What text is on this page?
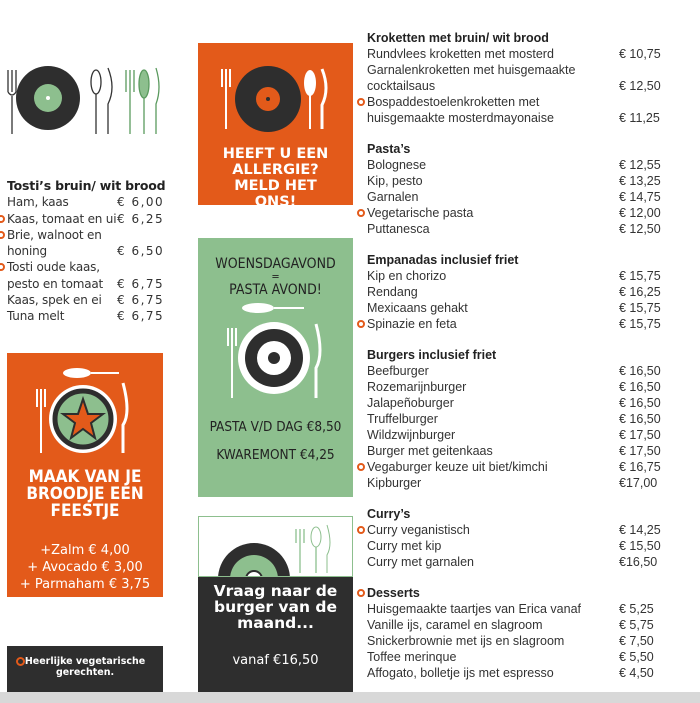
Tosti’s bruin/ wit brood
Ham, kaas	€ 6,00
Kaas, tomaat en ui € 6,25
Brie, walnoot en honing	€ 6,50
Tosti oude kaas, pesto en tomaat	€ 6,75
Kaas, spek en ei	€ 6,75
Tuna melt	€ 6,75
MAAK VAN JE BROODJE EEN FEESTJE
+Zalm € 4,00
+ Avocado € 3,00
+ Parmaham € 3,75
Heerlijke vegetarische gerechten.
HEEFT U EEN ALLERGIE? MELD HET ONS!
WOENSDAGAVOND
=
PASTA AVOND!
PASTA V/D DAG €8,50
KWAREMONT €4,25
Vraag naar de burger van de maand...
vanaf €16,50
Kroketten met bruin/ wit brood
Rundvlees kroketten met mosterd	€ 10,75
Garnalenkroketten met huisgemaakte cocktailsaus	€ 12,50
Bospaddestoelenkroketten met huisgemaakte mosterdmayonaise	€ 11,25
Pasta’s
Bolognese	€ 12,55
Kip, pesto	€ 13,25
Garnalen	€ 14,75
Vegetarische pasta	€ 12,00
Puttanesca	€ 12,50
Empanadas inclusief friet
Kip en chorizo	€ 15,75
Rendang	€ 16,25
Mexicaans gehakt	€ 15,75
Spinazie en feta	€ 15,75
Burgers inclusief friet
Beefburger	€ 16,50
Rozemarijnburger	€ 16,50
Jalapeñoburger	€ 16,50
Truffelburger	€ 16,50
Wildzwijnburger	€ 17,50
Burger met geitenkaas	€ 17,50
Vegaburger keuze uit biet/kimchi	€ 16,75
Kipburger	€17,00
Curry’s
Curry veganistisch	€ 14,25
Curry met kip	€ 15,50
Curry met garnalen	€16,50
Desserts
Huisgemaakte taartjes van Erica vanaf	€ 5,25
Vanille ijs, caramel en slagroom	€ 5,75
Snickerbrownie met ijs en slagroom	€ 7,50
Toffee merinque	€ 5,50
Affogato, bolletje ijs met espresso	€ 4,50
